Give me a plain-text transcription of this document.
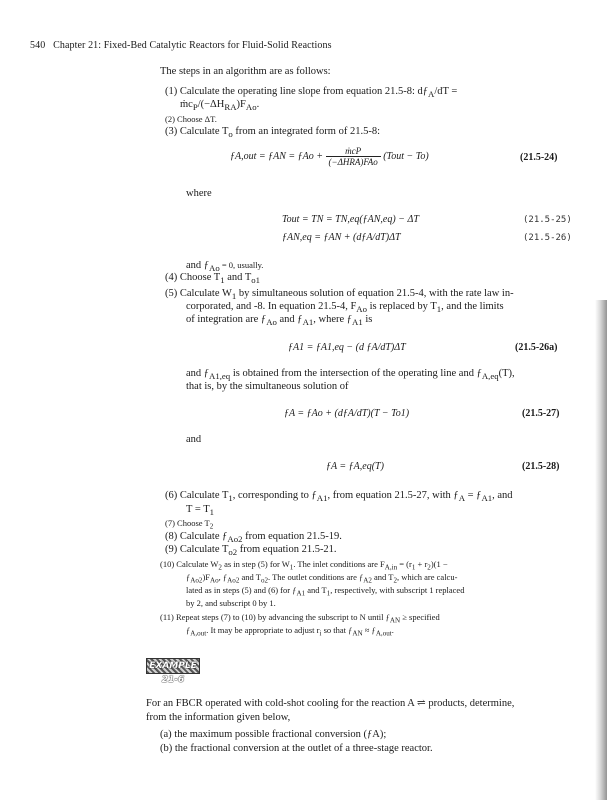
540 Chapter 21: Fixed-Bed Catalytic Reactors for Fluid-Solid Reactions
The steps in an algorithm are as follows:
(1) Calculate the operating line slope from equation 21.5-8: $dƒ_A/dT$ =
$ṁc_P/(-\Delta H_{RA})F_{Ao}$.
(2) Choose ΔT.
(3) Calculate $T_o$ from an integrated form of 21.5-8:
ƒA,out = ƒAN = ƒAo + $\frac{\text{ṁcP}}{\text{(−ΔHRA)FAo}}$ (Tout − To)	(21.5-24)
where
Tout = TN = TN,eq(ƒAN,eq) − ΔT	(21.5-25)
ƒAN,eq = ƒAN + (dƒA/dT)ΔT	(21.5-26)
and $ƒ_{Ao} = 0$, usually.
(4) Choose $T_1$ and $T_{o1}$
(5) Calculate $W_1$ by simultaneous solution of equation 21.5-4, with the rate law in-
corporated, and -8. In equation 21.5-4, $F_{Ao}$ is replaced by $T_1$, and the limits
of integration are $ƒ_{Ao}$ and $ƒ_{A1}$, where $ƒ_{A1}$ is
ƒA1 = ƒA1,eq − (d ƒA/dT)ΔT	(21.5-26a)
and $ƒ_{A1,eq}$ is obtained from the intersection of the operating line and $ƒ_{A,eq}(T)$,
that is, by the simultaneous solution of
ƒA = ƒAo + (dƒA/dT)(T − To1)	(21.5-27)
and
ƒA = ƒA,eq(T)	(21.5-28)
(6) Calculate $T_1$, corresponding to $ƒ_{A1}$, from equation 21.5-27, with $ƒ_A$ = $ƒ_{A1}$, and
$T = T_1$
(7) Choose $T_2$
(8) Calculate $ƒ_{Ao2}$ from equation 21.5-19.
(9) Calculate $T_{o2}$ from equation 21.5-21.
(10) Calculate $W_2$ as in step (5) for $W_1$. The inlet conditions are $F_{A,in} = (r_1 + r_2)(1$ −
$ƒ_{Ao2})F_{Ao}$, $ƒ_{Ao2}$ and $T_{o2}$. The outlet conditions are $ƒ_{A2}$ and $T_2$, which are calcu-
lated as in steps (5) and (6) for $ƒ_{A1}$ and $T_1$, respectively, with subscript 1 replaced
by 2, and subscript 0 by 1.
(11) Repeat steps (7) to (10) by advancing the subscript to N until $ƒ_{AN}$ ≥ specified
$ƒ_{A,out}$. It may be appropriate to adjust $r_i$ so that $ƒ_{AN}$ ≈ $ƒ_{A,out}$.
EXAMPLE 21-6
For an FBCR operated with cold-shot cooling for the reaction A ⇌ products, determine,
from the information given below,
(a) the maximum possible fractional conversion (ƒA);
(b) the fractional conversion at the outlet of a three-stage reactor.
